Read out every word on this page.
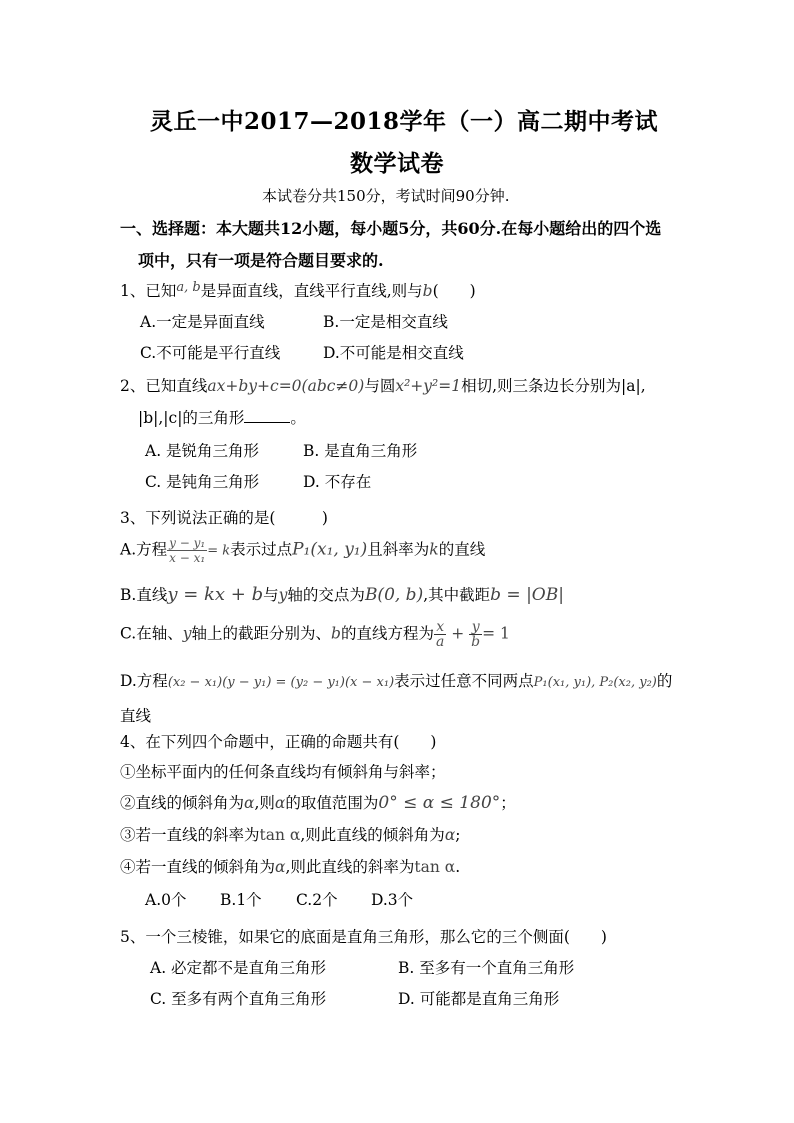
灵丘一中2017—2018学年（一）高二期中考试
数学试卷
本试卷分共150分，考试时间90分钟.
一、选择题：本大题共12小题，每小题5分，共60分.在每小题给出的四个选
项中，只有一项是符合题目要求的.
1、已知$^{a, b}$是异面直线，直线平行直线,则与b(　　)
A.一定是异面直线	B.一定是相交直线
C.不可能是平行直线	D.不可能是相交直线
2、已知直线ax+by+c=0(abc≠0)与圆x²+y²=1相切,则三条边长分别为|a|,
|b|,|c|的三角形	。
A. 是锐角三角形	B. 是直角三角形
C. 是钝角三角形	D. 不存在
3、下列说法正确的是(　　　)
A.方程 $\frac{\text{y − y₁}}{\text{x − x₁}} = k$表示过点P₁(x₁, y₁)且斜率为k的直线
B.直线y = kx + b与y轴的交点为B(0, b),其中截距b = |OB|
C.在轴、y轴上的截距分别为、b的直线方程为 $\frac{x}{a} + \frac{y}{b} = 1$
D.方程(x₂ − x₁)(y − y₁) = (y₂ − y₁)(x − x₁)表示过任意不同两点P₁(x₁, y₁), P₂(x₂, y₂)的
直线
4、在下列四个命题中，正确的命题共有(　　)
①坐标平面内的任何条直线均有倾斜角与斜率；
②直线的倾斜角为α,则α的取值范围为0° ≤ α ≤ 180°；
③若一直线的斜率为tan α,则此直线的倾斜角为α;
④若一直线的倾斜角为α,则此直线的斜率为tan α.
A.0个 B.1个 C.2个 D.3个
5、一个三棱锥，如果它的底面是直角三角形，那么它的三个侧面(　　)
A. 必定都不是直角三角形	B. 至多有一个直角三角形
C. 至多有两个直角三角形	D. 可能都是直角三角形
